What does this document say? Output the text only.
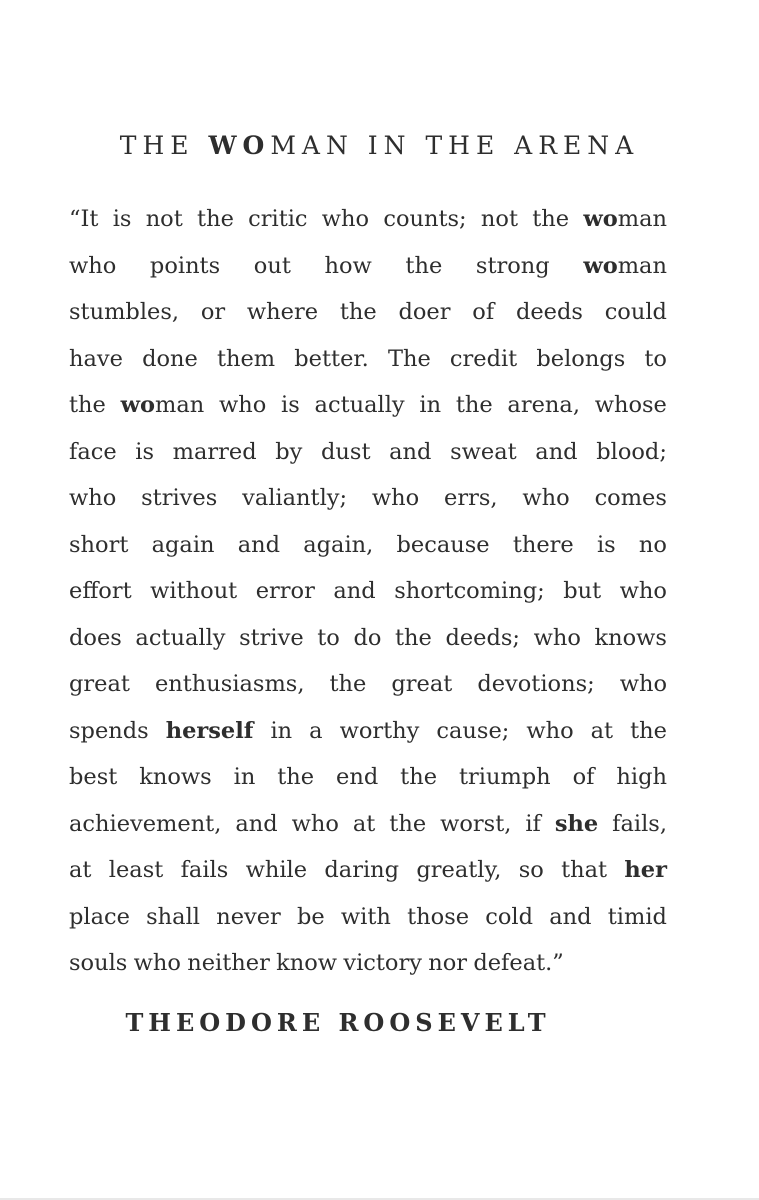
THE WOMAN IN THE ARENA
“It is not the critic who counts; not the woman
who points out how the strong woman
stumbles, or where the doer of deeds could
have done them better. The credit belongs to
the woman who is actually in the arena, whose
face is marred by dust and sweat and blood;
who strives valiantly; who errs, who comes
short again and again, because there is no
effort without error and shortcoming; but who
does actually strive to do the deeds; who knows
great enthusiasms, the great devotions; who
spends herself in a worthy cause; who at the
best knows in the end the triumph of high
achievement, and who at the worst, if she fails,
at least fails while daring greatly, so that her
place shall never be with those cold and timid
souls who neither know victory nor defeat.”
THEODORE ROOSEVELT
